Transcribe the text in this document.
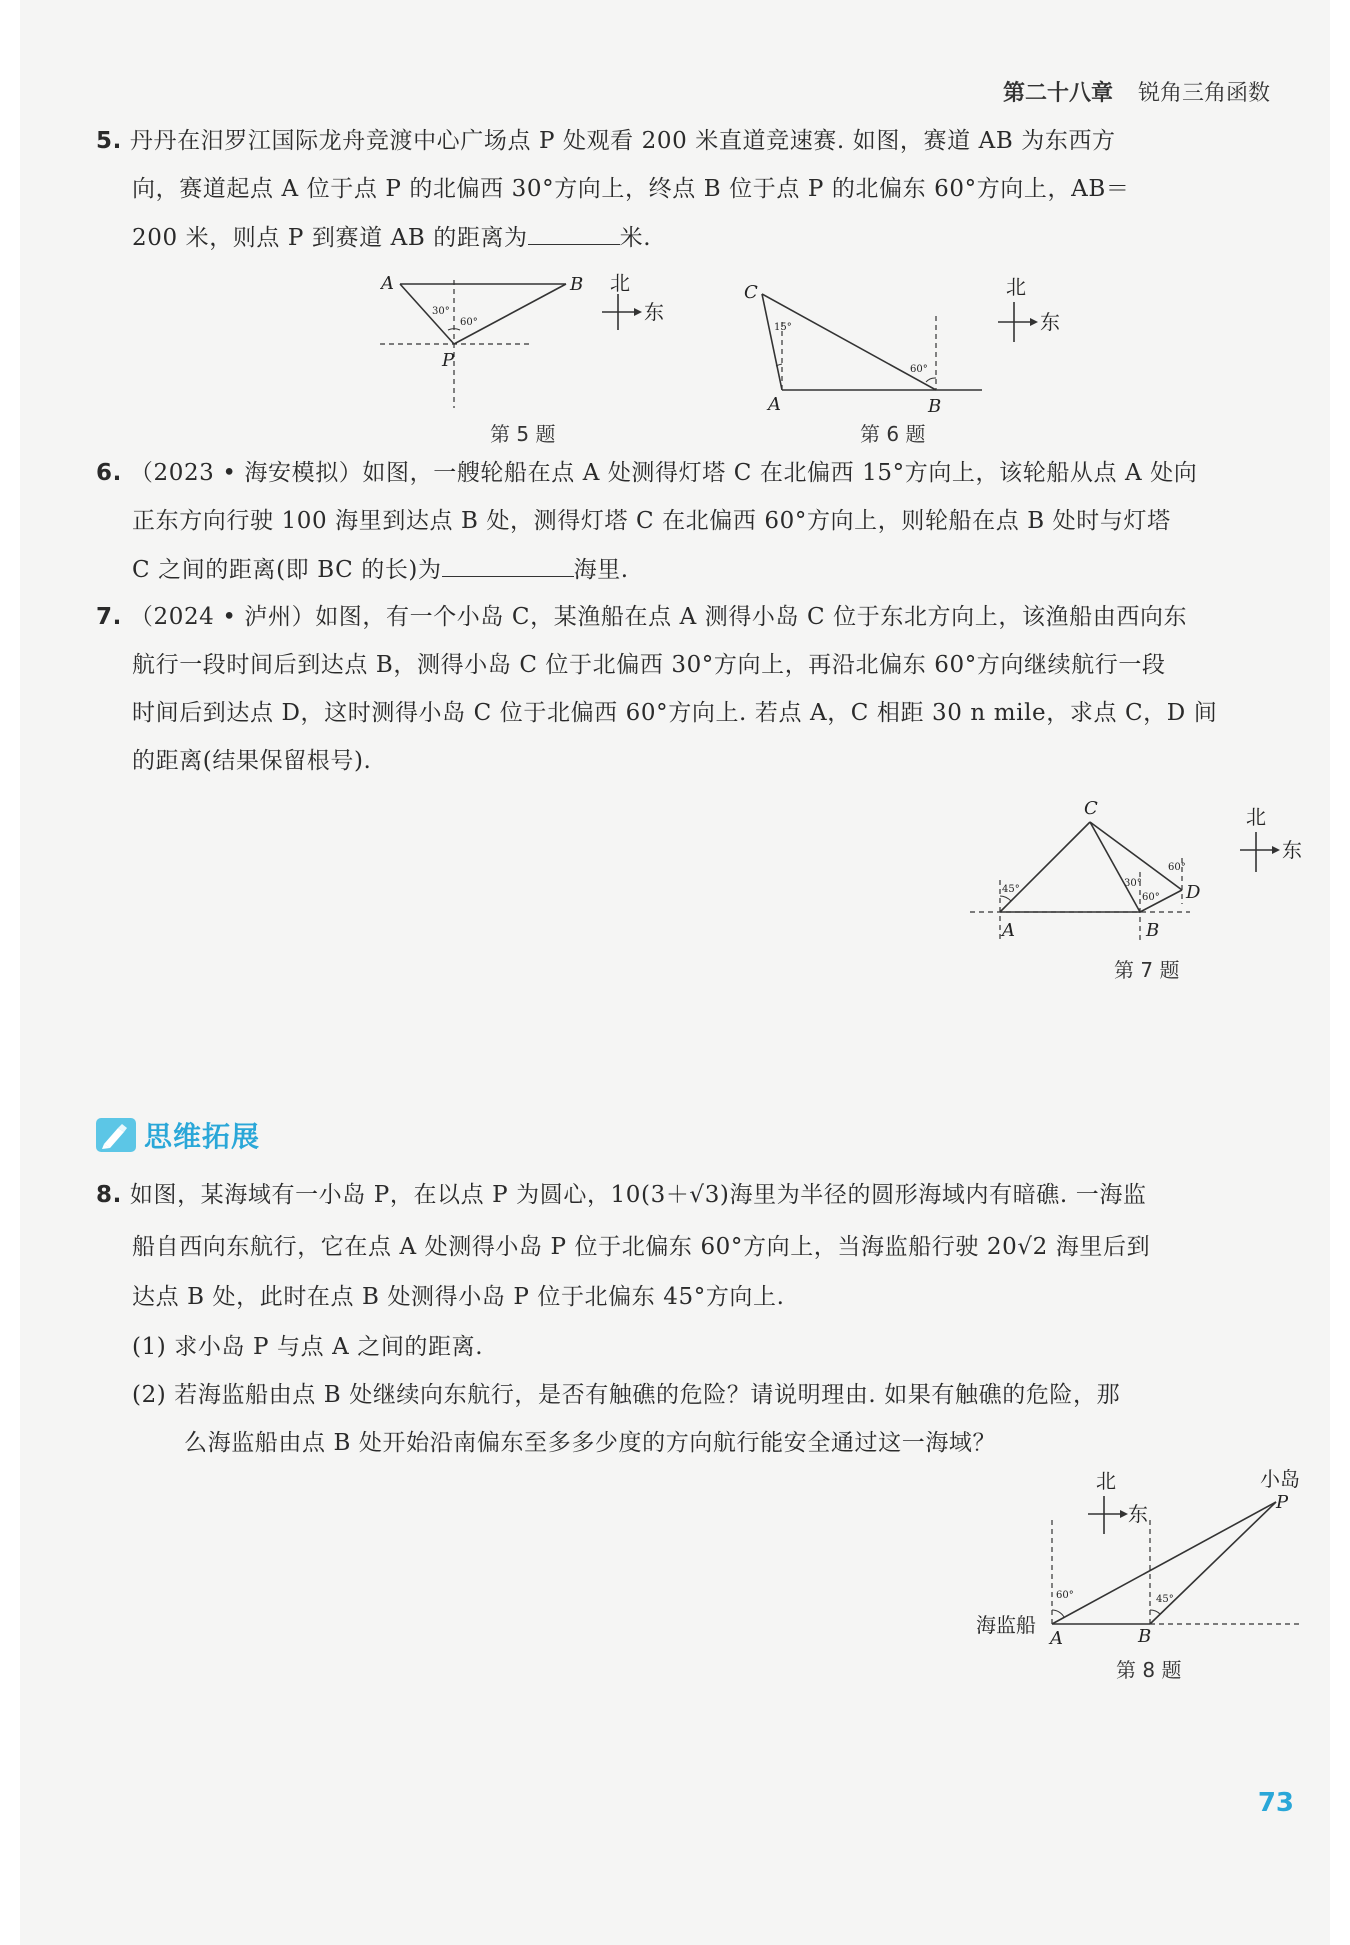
第二十八章 锐角三角函数
5. 丹丹在汨罗江国际龙舟竞渡中心广场点 P 处观看 200 米直道竞速赛. 如图，赛道 AB 为东西方
向，赛道起点 A 位于点 P 的北偏西 30°方向上，终点 B 位于点 P 的北偏东 60°方向上，AB＝
200 米，则点 P 到赛道 AB 的距离为	米.
A	B
P
30°
60°
北
东
第 5 题
C
A	B
15°
60°
北
东
第 6 题
6. （2023 • 海安模拟）如图，一艘轮船在点 A 处测得灯塔 C 在北偏西 15°方向上，该轮船从点 A 处向
正东方向行驶 100 海里到达点 B 处，测得灯塔 C 在北偏西 60°方向上，则轮船在点 B 处时与灯塔
C 之间的距离(即 BC 的长)为	海里.
7. （2024 • 泸州）如图，有一个小岛 C，某渔船在点 A 测得小岛 C 位于东北方向上，该渔船由西向东
航行一段时间后到达点 B，测得小岛 C 位于北偏西 30°方向上，再沿北偏东 60°方向继续航行一段
时间后到达点 D，这时测得小岛 C 位于北偏西 60°方向上. 若点 A，C 相距 30 n mile，求点 C，D 间
的距离(结果保留根号).
C
A	B
D
45°
30°
60°
60°
北
东
第 7 题
思维拓展
8. 如图，某海域有一小岛 P，在以点 P 为圆心，10(3＋√3)海里为半径的圆形海域内有暗礁. 一海监
船自西向东航行，它在点 A 处测得小岛 P 位于北偏东 60°方向上，当海监船行驶 20√2 海里后到
达点 B 处，此时在点 B 处测得小岛 P 位于北偏东 45°方向上.
(1) 求小岛 P 与点 A 之间的距离.
(2) 若海监船由点 B 处继续向东航行，是否有触礁的危险？请说明理由. 如果有触礁的危险，那
么海监船由点 B 处开始沿南偏东至多多少度的方向航行能安全通过这一海域？
60°	45°
A	B
P
小岛
海监船
北
东
第 8 题
73
